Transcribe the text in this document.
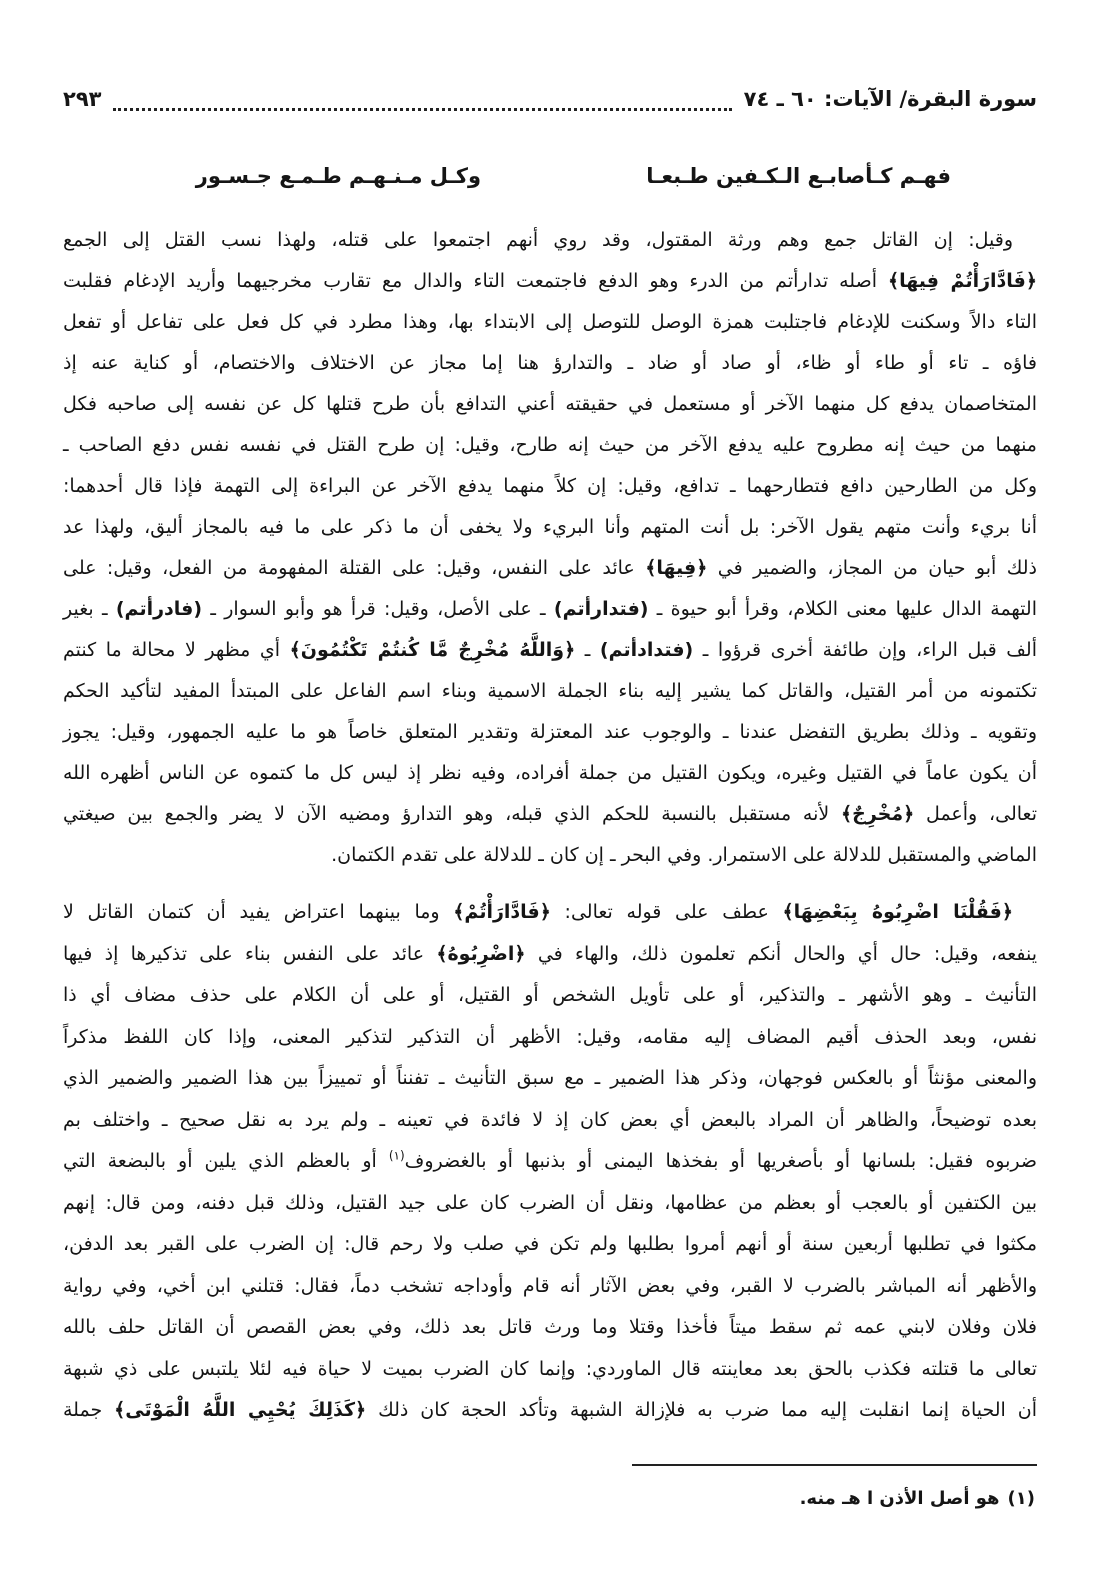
سورة البقرة/ الآيات: ٦٠ ـ ٧٤
٢٩٣
فهـم كـأصابـع الـكـفين طـبعـا
وكـل مـنـهـم طـمـع جـسـور
وقيل: إن القاتل جمع وهم ورثة المقتول، وقد روي أنهم اجتمعوا على قتله، ولهذا نسب القتل إلى الجمع
﴿فَادَّارَأْتُمْ فِيهَا﴾ أصله تدارأتم من الدرء وهو الدفع فاجتمعت التاء والدال مع تقارب مخرجيهما وأريد الإدغام فقلبت
التاء دالاً وسكنت للإدغام فاجتلبت همزة الوصل للتوصل إلى الابتداء بها، وهذا مطرد في كل فعل على تفاعل أو تفعل
فاؤه ـ تاء أو طاء أو ظاء، أو صاد أو ضاد ـ والتدارؤ هنا إما مجاز عن الاختلاف والاختصام، أو كناية عنه إذ
المتخاصمان يدفع كل منهما الآخر أو مستعمل في حقيقته أعني التدافع بأن طرح قتلها كل عن نفسه إلى صاحبه فكل
منهما من حيث إنه مطروح عليه يدفع الآخر من حيث إنه طارح، وقيل: إن طرح القتل في نفسه نفس دفع الصاحب ـ
وكل من الطارحين دافع فتطارحهما ـ تدافع، وقيل: إن كلاً منهما يدفع الآخر عن البراءة إلى التهمة فإذا قال أحدهما:
أنا بريء وأنت متهم يقول الآخر: بل أنت المتهم وأنا البريء ولا يخفى أن ما ذكر على ما فيه بالمجاز أليق، ولهذا عد
ذلك أبو حيان من المجاز، والضمير في ﴿فِيهَا﴾ عائد على النفس، وقيل: على القتلة المفهومة من الفعل، وقيل: على
التهمة الدال عليها معنى الكلام، وقرأ أبو حيوة ـ (فتدارأتم) ـ على الأصل، وقيل: قرأ هو وأبو السوار ـ (فادرأتم) ـ بغير
ألف قبل الراء، وإن طائفة أخرى قرؤوا ـ (فتدادأتم) ـ ﴿وَاللَّهُ مُخْرِجٌ مَّا كُنتُمْ تَكْتُمُونَ﴾ أي مظهر لا محالة ما كنتم
تكتمونه من أمر القتيل، والقاتل كما يشير إليه بناء الجملة الاسمية وبناء اسم الفاعل على المبتدأ المفيد لتأكيد الحكم
وتقويه ـ وذلك بطريق التفضل عندنا ـ والوجوب عند المعتزلة وتقدير المتعلق خاصاً هو ما عليه الجمهور، وقيل: يجوز
أن يكون عاماً في القتيل وغيره، ويكون القتيل من جملة أفراده، وفيه نظر إذ ليس كل ما كتموه عن الناس أظهره الله
تعالى، وأعمل ﴿مُخْرِجٌ﴾ لأنه مستقبل بالنسبة للحكم الذي قبله، وهو التدارؤ ومضيه الآن لا يضر والجمع بين صيغتي
الماضي والمستقبل للدلالة على الاستمرار. وفي البحر ـ إن كان ـ للدلالة على تقدم الكتمان.
﴿فَقُلْنَا اضْرِبُوهُ بِبَعْضِهَا﴾ عطف على قوله تعالى: ﴿فَادَّارَأْتُمْ﴾ وما بينهما اعتراض يفيد أن كتمان القاتل لا
ينفعه، وقيل: حال أي والحال أنكم تعلمون ذلك، والهاء في ﴿اضْرِبُوهُ﴾ عائد على النفس بناء على تذكيرها إذ فيها
التأنيث ـ وهو الأشهر ـ والتذكير، أو على تأويل الشخص أو القتيل، أو على أن الكلام على حذف مضاف أي ذا
نفس، وبعد الحذف أقيم المضاف إليه مقامه، وقيل: الأظهر أن التذكير لتذكير المعنى، وإذا كان اللفظ مذكراً
والمعنى مؤنثاً أو بالعكس فوجهان، وذكر هذا الضمير ـ مع سبق التأنيث ـ تفنناً أو تمييزاً بين هذا الضمير والضمير الذي
بعده توضيحاً، والظاهر أن المراد بالبعض أي بعض كان إذ لا فائدة في تعينه ـ ولم يرد به نقل صحيح ـ واختلف بم
ضربوه فقيل: بلسانها أو بأصغريها أو بفخذها اليمنى أو بذنبها أو بالغضروف$^{(١)}$ أو بالعظم الذي يلين أو بالبضعة التي
بين الكتفين أو بالعجب أو بعظم من عظامها، ونقل أن الضرب كان على جيد القتيل، وذلك قبل دفنه، ومن قال: إنهم
مكثوا في تطلبها أربعين سنة أو أنهم أمروا بطلبها ولم تكن في صلب ولا رحم قال: إن الضرب على القبر بعد الدفن،
والأظهر أنه المباشر بالضرب لا القبر، وفي بعض الآثار أنه قام وأوداجه تشخب دماً، فقال: قتلني ابن أخي، وفي رواية
فلان وفلان لابني عمه ثم سقط ميتاً فأخذا وقتلا وما ورث قاتل بعد ذلك، وفي بعض القصص أن القاتل حلف بالله
تعالى ما قتلته فكذب بالحق بعد معاينته قال الماوردي: وإنما كان الضرب بميت لا حياة فيه لئلا يلتبس على ذي شبهة
أن الحياة إنما انقلبت إليه مما ضرب به فلإزالة الشبهة وتأكد الحجة كان ذلك ﴿كَذَلِكَ يُحْيِي اللَّهُ الْمَوْتَى﴾ جملة
(١)هو أصل الأذن ا هـ منه.
